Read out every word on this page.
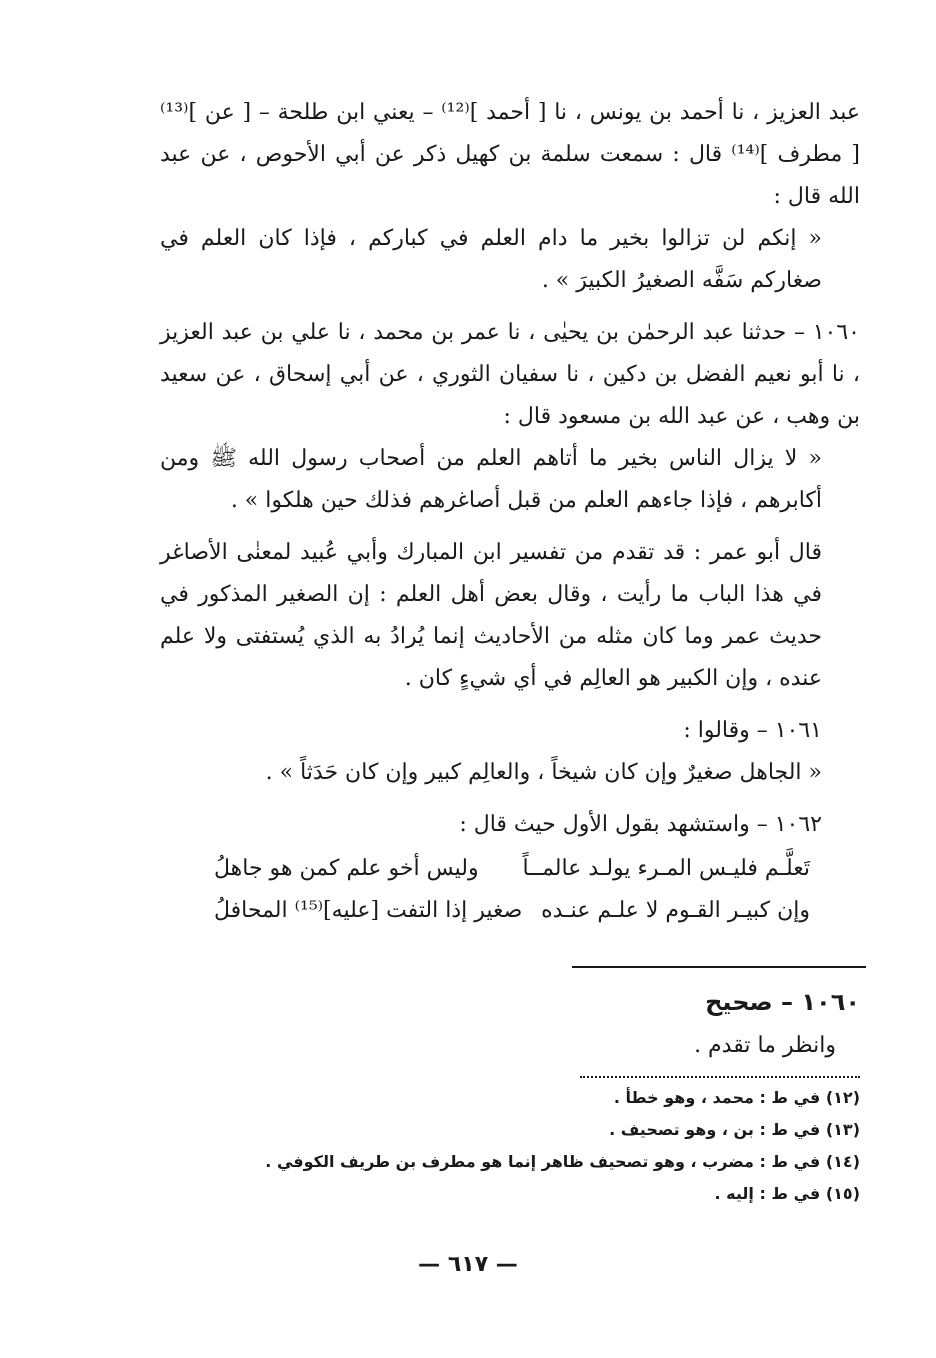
عبد العزيز ، نا أحمد بن يونس ، نا [ أحمد ]⁽¹²⁾ – يعني ابن طلحة – [ عن ]⁽¹³⁾ [ مطرف ]⁽¹⁴⁾ قال : سمعت سلمة بن كهيل ذكر عن أبي الأحوص ، عن عبد الله قال :

« إنكم لن تزالوا بخير ما دام العلم في كبارکم ، فإذا كان العلم في صغاركم سَفَّه الصغيرُ الكبيرَ » .

١٠٦٠ – حدثنا عبد الرحمٰن بن يحيٰى ، نا عمر بن محمد ، نا علي بن عبد العزيز ، نا أبو نعيم الفضل بن دكين ، نا سفيان الثوري ، عن أبي إسحاق ، عن سعيد بن وهب ، عن عبد الله بن مسعود قال :

« لا يزال الناس بخير ما أتاهم العلم من أصحاب رسول الله ﷺ ومن أكابرهم ، فإذا جاءهم العلم من قبل أصاغرهم فذلك حين هلكوا » .

قال أبو عمر : قد تقدم من تفسير ابن المبارك وأبي عُبيد لمعنٰى الأصاغر في هذا الباب ما رأيت ، وقال بعض أهل العلم : إن الصغير المذكور في حديث عمر وما كان مثله من الأحاديث إنما يُرادُ به الذي يُستفتى ولا علم عنده ، وإن الكبير هو العالِم في أي شيءٍ كان .

١٠٦١ – وقالوا :

« الجاهل صغيرٌ وإن كان شيخاً ، والعالِم كبير وإن كان حَدَثاً » .

١٠٦٢ – واستشهد بقول الأول حيث قال :

تَعلَّـم فليـس المـرء يولـد عالمــاً
وليس أخو علم كمن هو جاهلُ
وإن كبيـر القـوم لا علـم عنـده
صغير إذا التفت [عليه]⁽¹⁵⁾ المحافلُ
١٠٦٠ – صحيح
وانظر ما تقدم .
(١٢) في ط : محمد ، وهو خطأ .
(١٣) في ط : بن ، وهو تصحيف .
(١٤) في ط : مضرب ، وهو تصحيف ظاهر إنما هو مطرف بن طريف الكوفي .
(١٥) في ط : إليه .
— ٦١٧ —
